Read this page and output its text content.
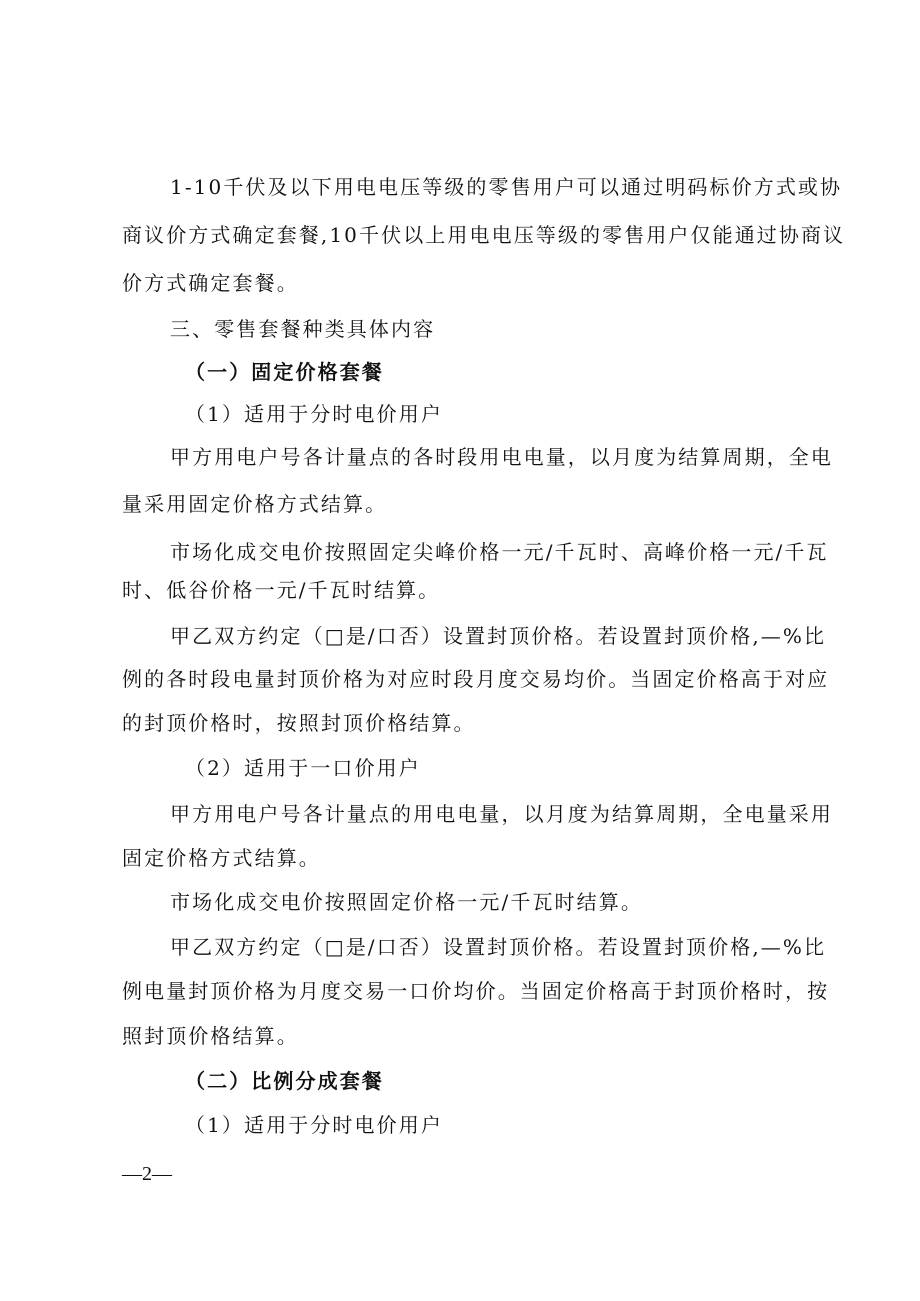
1-10千伏及以下用电电压等级的零售用户可以通过明码标价方式或协
商议价方式确定套餐,10千伏以上用电电压等级的零售用户仅能通过协商议
价方式确定套餐。
三、零售套餐种类具体内容
（一）固定价格套餐
（1）适用于分时电价用户
甲方用电户号各计量点的各时段用电电量，以月度为结算周期，全电
量采用固定价格方式结算。
市场化成交电价按照固定尖峰价格一元/千瓦时、高峰价格一元/千瓦
时、低谷价格一元/千瓦时结算。
甲乙双方约定（□是/口否）设置封顶价格。若设置封顶价格,—%比
例的各时段电量封顶价格为对应时段月度交易均价。当固定价格高于对应
的封顶价格时，按照封顶价格结算。
（2）适用于一口价用户
甲方用电户号各计量点的用电电量，以月度为结算周期，全电量采用
固定价格方式结算。
市场化成交电价按照固定价格一元/千瓦时结算。
甲乙双方约定（□是/口否）设置封顶价格。若设置封顶价格,—%比
例电量封顶价格为月度交易一口价均价。当固定价格高于封顶价格时，按
照封顶价格结算。
（二）比例分成套餐
（1）适用于分时电价用户
—2—
